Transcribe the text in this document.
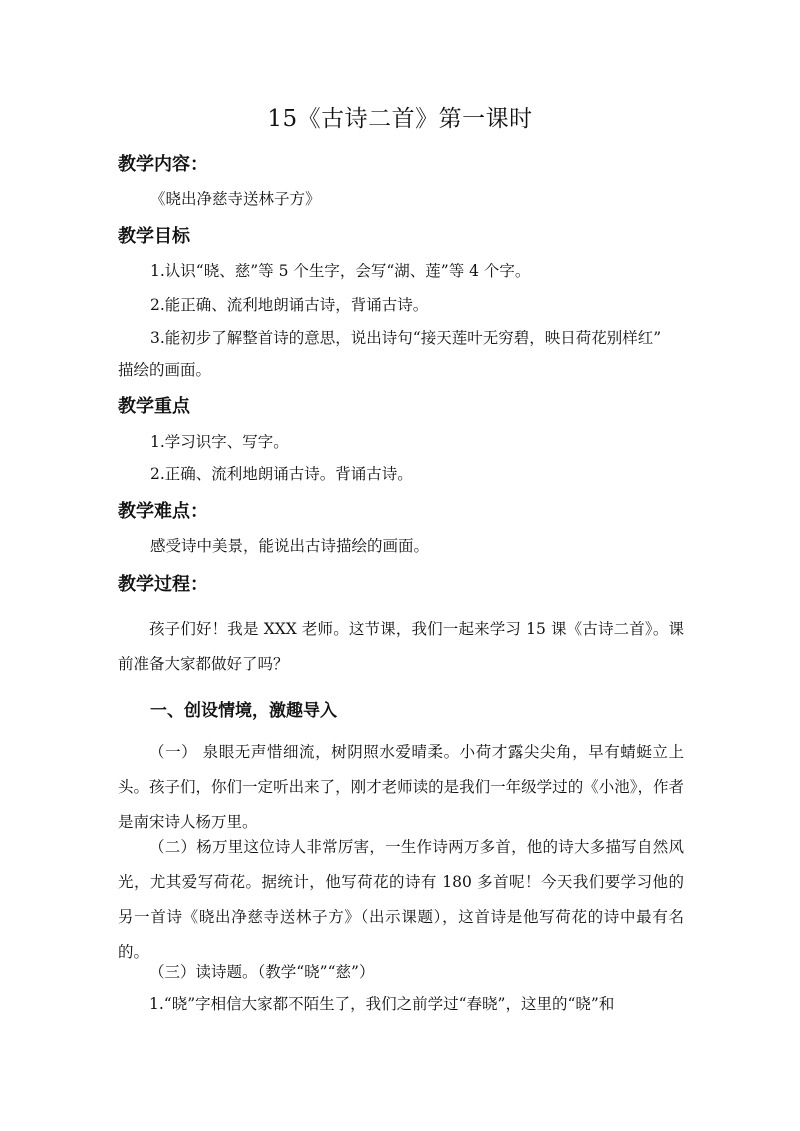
15《古诗二首》第一课时
教学内容：
《晓出净慈寺送林子方》
教学目标
1.认识“晓、慈”等 5 个生字，会写“湖、莲”等 4 个字。
2.能正确、流利地朗诵古诗，背诵古诗。
3.能初步了解整首诗的意思，说出诗句“接天莲叶无穷碧，映日荷花别样红”
描绘的画面。
教学重点
1.学习识字、写字。
2.正确、流利地朗诵古诗。背诵古诗。
教学难点：
感受诗中美景，能说出古诗描绘的画面。
教学过程：

孩子们好！我是 XXX 老师。这节课，我们一起来学习 15 课《古诗二首》。课前准备大家都做好了吗？

一、创设情境，激趣导入

（一） 泉眼无声惜细流，树阴照水爱晴柔。小荷才露尖尖角，早有蜻蜓立上头。孩子们，你们一定听出来了，刚才老师读的是我们一年级学过的《小池》，作者是南宋诗人杨万里。

（二）杨万里这位诗人非常厉害，一生作诗两万多首，他的诗大多描写自然风光，尤其爱写荷花。据统计，他写荷花的诗有 180 多首呢！今天我们要学习他的另一首诗《晓出净慈寺送林子方》（出示课题），这首诗是他写荷花的诗中最有名的。

（三）读诗题。（教学“晓”“慈”）

1.“晓”字相信大家都不陌生了，我们之前学过“春晓”，这里的“晓”和
